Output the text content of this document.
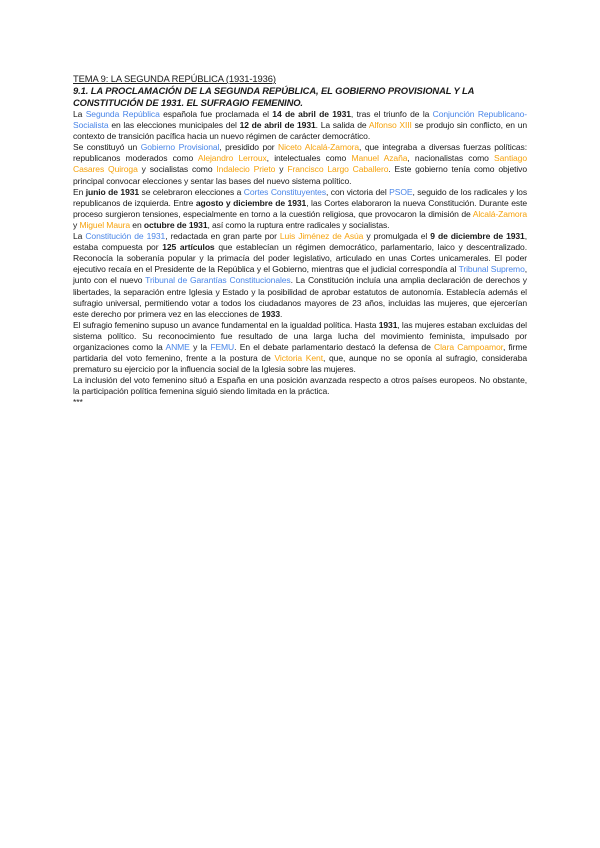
TEMA 9: LA SEGUNDA REPÚBLICA (1931-1936)

9.1. LA PROCLAMACIÓN DE LA SEGUNDA REPÚBLICA, EL GOBIERNO PROVISIONAL Y LA CONSTITUCIÓN DE 1931. EL SUFRAGIO FEMENINO.

La Segunda República española fue proclamada el 14 de abril de 1931, tras el triunfo de la Conjunción Republicano-Socialista en las elecciones municipales del 12 de abril de 1931. La salida de Alfonso XIII se produjo sin conflicto, en un contexto de transición pacífica hacia un nuevo régimen de carácter democrático.

Se constituyó un Gobierno Provisional, presidido por Niceto Alcalá-Zamora, que integraba a diversas fuerzas políticas: republicanos moderados como Alejandro Lerroux, intelectuales como Manuel Azaña, nacionalistas como Santiago Casares Quiroga y socialistas como Indalecio Prieto y Francisco Largo Caballero. Este gobierno tenía como objetivo principal convocar elecciones y sentar las bases del nuevo sistema político.

En junio de 1931 se celebraron elecciones a Cortes Constituyentes, con victoria del PSOE, seguido de los radicales y los republicanos de izquierda. Entre agosto y diciembre de 1931, las Cortes elaboraron la nueva Constitución. Durante este proceso surgieron tensiones, especialmente en torno a la cuestión religiosa, que provocaron la dimisión de Alcalá-Zamora y Miguel Maura en octubre de 1931, así como la ruptura entre radicales y socialistas.

La Constitución de 1931, redactada en gran parte por Luis Jiménez de Asúa y promulgada el 9 de diciembre de 1931, estaba compuesta por 125 artículos que establecían un régimen democrático, parlamentario, laico y descentralizado. Reconocía la soberanía popular y la primacía del poder legislativo, articulado en unas Cortes unicamerales. El poder ejecutivo recaía en el Presidente de la República y el Gobierno, mientras que el judicial correspondía al Tribunal Supremo, junto con el nuevo Tribunal de Garantías Constitucionales. La Constitución incluía una amplia declaración de derechos y libertades, la separación entre Iglesia y Estado y la posibilidad de aprobar estatutos de autonomía. Establecía además el sufragio universal, permitiendo votar a todos los ciudadanos mayores de 23 años, incluidas las mujeres, que ejercerían este derecho por primera vez en las elecciones de 1933.

El sufragio femenino supuso un avance fundamental en la igualdad política. Hasta 1931, las mujeres estaban excluidas del sistema político. Su reconocimiento fue resultado de una larga lucha del movimiento feminista, impulsado por organizaciones como la ANME y la FEMU. En el debate parlamentario destacó la defensa de Clara Campoamor, firme partidaria del voto femenino, frente a la postura de Victoria Kent, que, aunque no se oponía al sufragio, consideraba prematuro su ejercicio por la influencia social de la Iglesia sobre las mujeres.

La inclusión del voto femenino situó a España en una posición avanzada respecto a otros países europeos. No obstante, la participación política femenina siguió siendo limitada en la práctica.

***
